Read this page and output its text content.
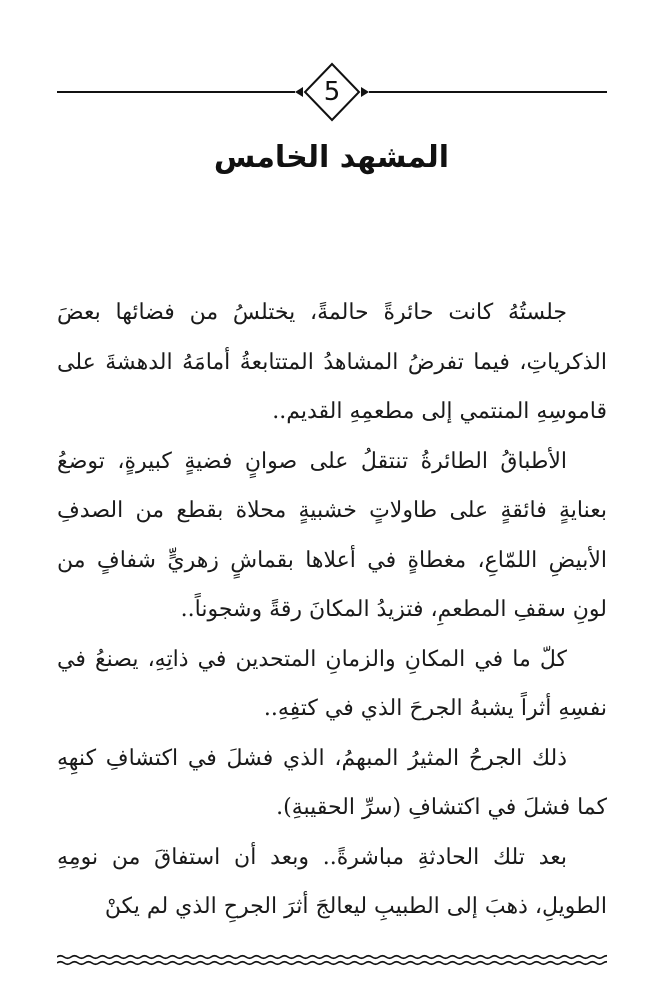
5
المشهد الخامس

جلستُهُ كانت حائرةً حالمةً، يختلسُ من فضائها بعضَ الذكرياتِ، فيما تفرضُ المشاهدُ المتتابعةُ أمامَهُ الدهشةَ على قاموسِهِ المنتمي إلى مطعمِهِ القديم..

الأطباقُ الطائرةُ تنتقلُ على صوانٍ فضيةٍ كبيرةٍ، توضعُ بعنايةٍ فائقةٍ على طاولاتٍ خشبيةٍ محلاة بقطع من الصدفِ الأبيضِ اللمّاعِ، مغطاةٍ في أعلاها بقماشٍ زهريٍّ شفافٍ من لونِ سقفِ المطعمِ، فتزيدُ المكانَ رقةً وشجوناً..

كلّ ما في المكانِ والزمانِ المتحدين في ذاتِهِ، يصنعُ في نفسِهِ أثراً يشبهُ الجرحَ الذي في كتفِهِ..

ذلك الجرحُ المثيرُ المبهمُ، الذي فشلَ في اكتشافِ كنهِهِ كما فشلَ في اكتشافِ (سرِّ الحقيبةِ).

بعد تلك الحادثةِ مباشرةً.. وبعد أن استفاقَ من نومِهِ الطويلِ، ذهبَ إلى الطبيبِ ليعالجَ أثرَ الجرحِ الذي لم يكنْ
